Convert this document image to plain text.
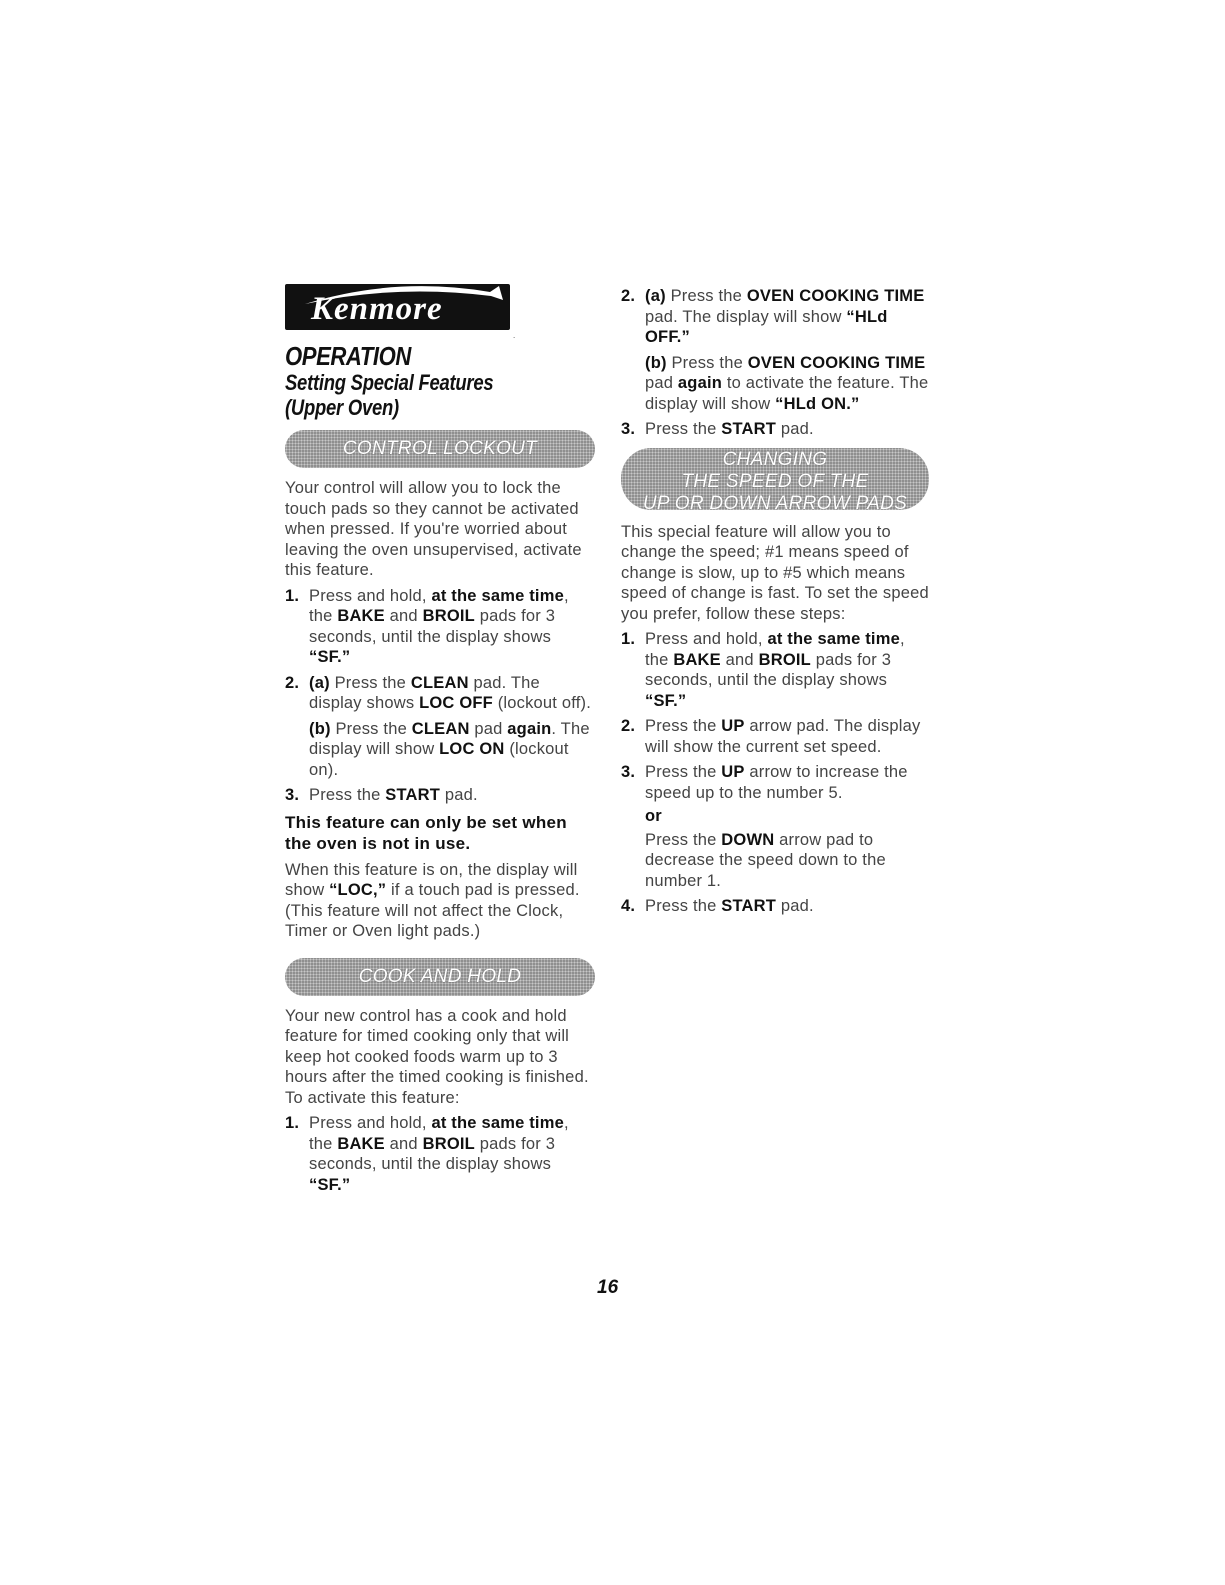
Kenmore
.
OPERATION
Setting Special Features
(Upper Oven)
CONTROL LOCKOUT

Your control will allow you to lock the touch pads so they cannot be activated when pressed. If you're worried about leaving the oven unsupervised, activate this feature.

1. Press and hold, at the same time, the BAKE and BROIL pads for 3 seconds, until the display shows “SF.”
2. (a) Press the CLEAN pad. The display shows LOC OFF (lockout off).
(b) Press the CLEAN pad again. The display will show LOC ON (lockout on).
3. Press the START pad.
This feature can only be set when the oven is not in use.

When this feature is on, the display will show “LOC,” if a touch pad is pressed. (This feature will not affect the Clock, Timer or Oven light pads.)

COOK AND HOLD

Your new control has a cook and hold feature for timed cooking only that will keep hot cooked foods warm up to 3 hours after the timed cooking is finished. To activate this feature:

1. Press and hold, at the same time, the BAKE and BROIL pads for 3 seconds, until the display shows “SF.”
2. (a) Press the OVEN COOKING TIME pad. The display will show “HLd OFF.”
(b) Press the OVEN COOKING TIME pad again to activate the feature. The display will show “HLd ON.”
3. Press the START pad.
CHANGING
THE SPEED OF THE
UP OR DOWN ARROW PADS

This special feature will allow you to change the speed; #1 means speed of change is slow, up to #5 which means speed of change is fast. To set the speed you prefer, follow these steps:

1. Press and hold, at the same time, the BAKE and BROIL pads for 3 seconds, until the display shows “SF.”
2. Press the UP arrow pad. The display will show the current set speed.
3. Press the UP arrow to increase the speed up to the number 5.
or
Press the DOWN arrow pad to decrease the speed down to the number 1.
4. Press the START pad.
16
